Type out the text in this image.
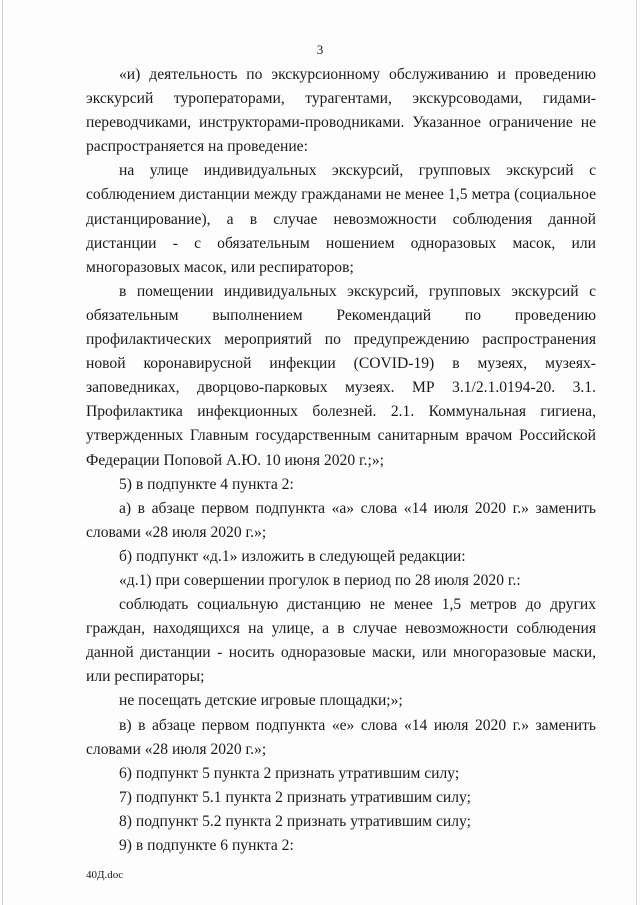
3

«и) деятельность по экскурсионному обслуживанию и проведению экскурсий туроператорами, турагентами, экскурсоводами, гидами-переводчиками, инструкторами-проводниками. Указанное ограничение не распространяется на проведение:

на улице индивидуальных экскурсий, групповых экскурсий с соблюдением дистанции между гражданами не менее 1,5 метра (социальное дистанцирование), а в случае невозможности соблюдения данной дистанции - с обязательным ношением одноразовых масок, или многоразовых масок, или респираторов;

в помещении индивидуальных экскурсий, групповых экскурсий с обязательным выполнением Рекомендаций по проведению профилактических мероприятий по предупреждению распространения новой коронавирусной инфекции (COVID-19) в музеях, музеях-заповедниках, дворцово-парковых музеях. МР 3.1/2.1.0194-20. 3.1. Профилактика инфекционных болезней. 2.1. Коммунальная гигиена, утвержденных Главным государственным санитарным врачом Российской Федерации Поповой А.Ю. 10 июня 2020 г.;»;

5) в подпункте 4 пункта 2:

а) в абзаце первом подпункта «а» слова «14 июля 2020 г.» заменить словами «28 июля 2020 г.»;

б) подпункт «д.1» изложить в следующей редакции:

«д.1) при совершении прогулок в период по 28 июля 2020 г.:

соблюдать социальную дистанцию не менее 1,5 метров до других граждан, находящихся на улице, а в случае невозможности соблюдения данной дистанции - носить одноразовые маски, или многоразовые маски, или респираторы;

не посещать детские игровые площадки;»;

в) в абзаце первом подпункта «е» слова «14 июля 2020 г.» заменить словами «28 июля 2020 г.»;

6) подпункт 5 пункта 2 признать утратившим силу;

7) подпункт 5.1 пункта 2 признать утратившим силу;

8) подпункт 5.2 пункта 2 признать утратившим силу;

9) в подпункте 6 пункта 2:

40Д.doc
